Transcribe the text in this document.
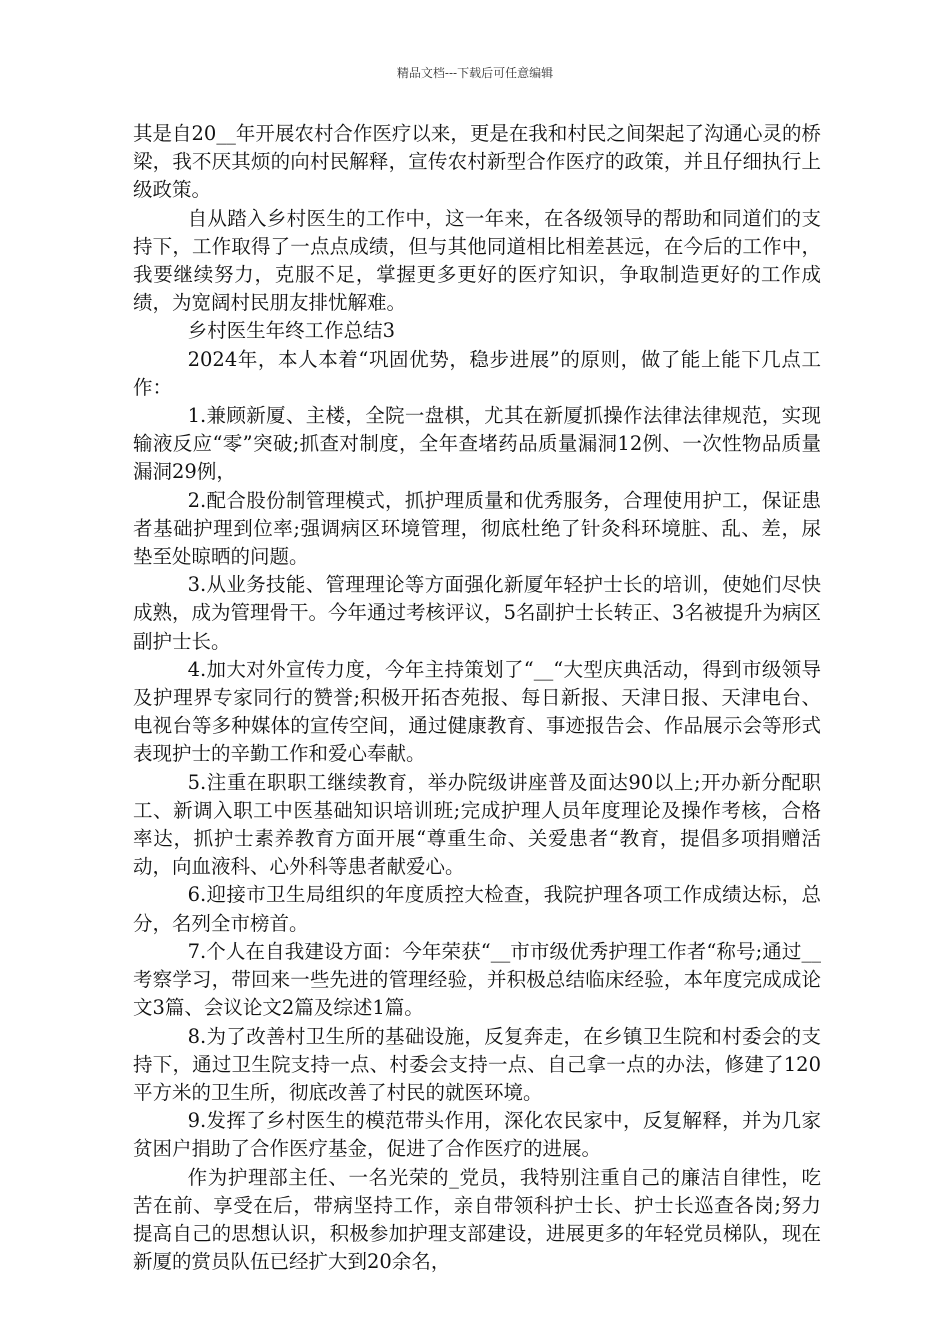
精品文档---下载后可任意编辑

其是自20__年开展农村合作医疗以来，更是在我和村民之间架起了沟通心灵的桥梁，我不厌其烦的向村民解释，宣传农村新型合作医疗的政策，并且仔细执行上级政策。

自从踏入乡村医生的工作中，这一年来，在各级领导的帮助和同道们的支持下，工作取得了一点点成绩，但与其他同道相比相差甚远，在今后的工作中，我要继续努力，克服不足，掌握更多更好的医疗知识，争取制造更好的工作成绩，为宽阔村民朋友排忧解难。

乡村医生年终工作总结3

2024年，本人本着“巩固优势，稳步进展”的原则，做了能上能下几点工作：

1.兼顾新厦、主楼，全院一盘棋，尤其在新厦抓操作法律法律规范，实现输液反应“零”突破;抓查对制度，全年查堵药品质量漏洞12例、一次性物品质量漏洞29例，

2.配合股份制管理模式，抓护理质量和优秀服务，合理使用护工，保证患者基础护理到位率;强调病区环境管理，彻底杜绝了针灸科环境脏、乱、差，尿垫至处晾晒的问题。

3.从业务技能、管理理论等方面强化新厦年轻护士长的培训，使她们尽快成熟，成为管理骨干。今年通过考核评议，5名副护士长转正、3名被提升为病区副护士长。

4.加大对外宣传力度，今年主持策划了“__“大型庆典活动，得到市级领导及护理界专家同行的赞誉;积极开拓杏苑报、每日新报、天津日报、天津电台、电视台等多种媒体的宣传空间，通过健康教育、事迹报告会、作品展示会等形式表现护士的辛勤工作和爱心奉献。

5.注重在职职工继续教育，举办院级讲座普及面达90以上;开办新分配职工、新调入职工中医基础知识培训班;完成护理人员年度理论及操作考核，合格率达，抓护士素养教育方面开展“尊重生命、关爱患者“教育，提倡多项捐赠活动，向血液科、心外科等患者献爱心。

6.迎接市卫生局组织的年度质控大检查，我院护理各项工作成绩达标，总分，名列全市榜首。

7.个人在自我建设方面：今年荣获“__市市级优秀护理工作者“称号;通过__考察学习，带回来一些先进的管理经验，并积极总结临床经验，本年度完成成论文3篇、会议论文2篇及综述1篇。

8.为了改善村卫生所的基础设施，反复奔走，在乡镇卫生院和村委会的支持下，通过卫生院支持一点、村委会支持一点、自己拿一点的办法，修建了120平方米的卫生所，彻底改善了村民的就医环境。

9.发挥了乡村医生的模范带头作用，深化农民家中，反复解释，并为几家贫困户捐助了合作医疗基金，促进了合作医疗的进展。

作为护理部主任、一名光荣的_党员，我特别注重自己的廉洁自律性，吃苦在前、享受在后，带病坚持工作，亲自带领科护士长、护士长巡查各岗;努力提高自己的思想认识，积极参加护理支部建设，进展更多的年轻党员梯队，现在新厦的赏员队伍已经扩大到20余名，
